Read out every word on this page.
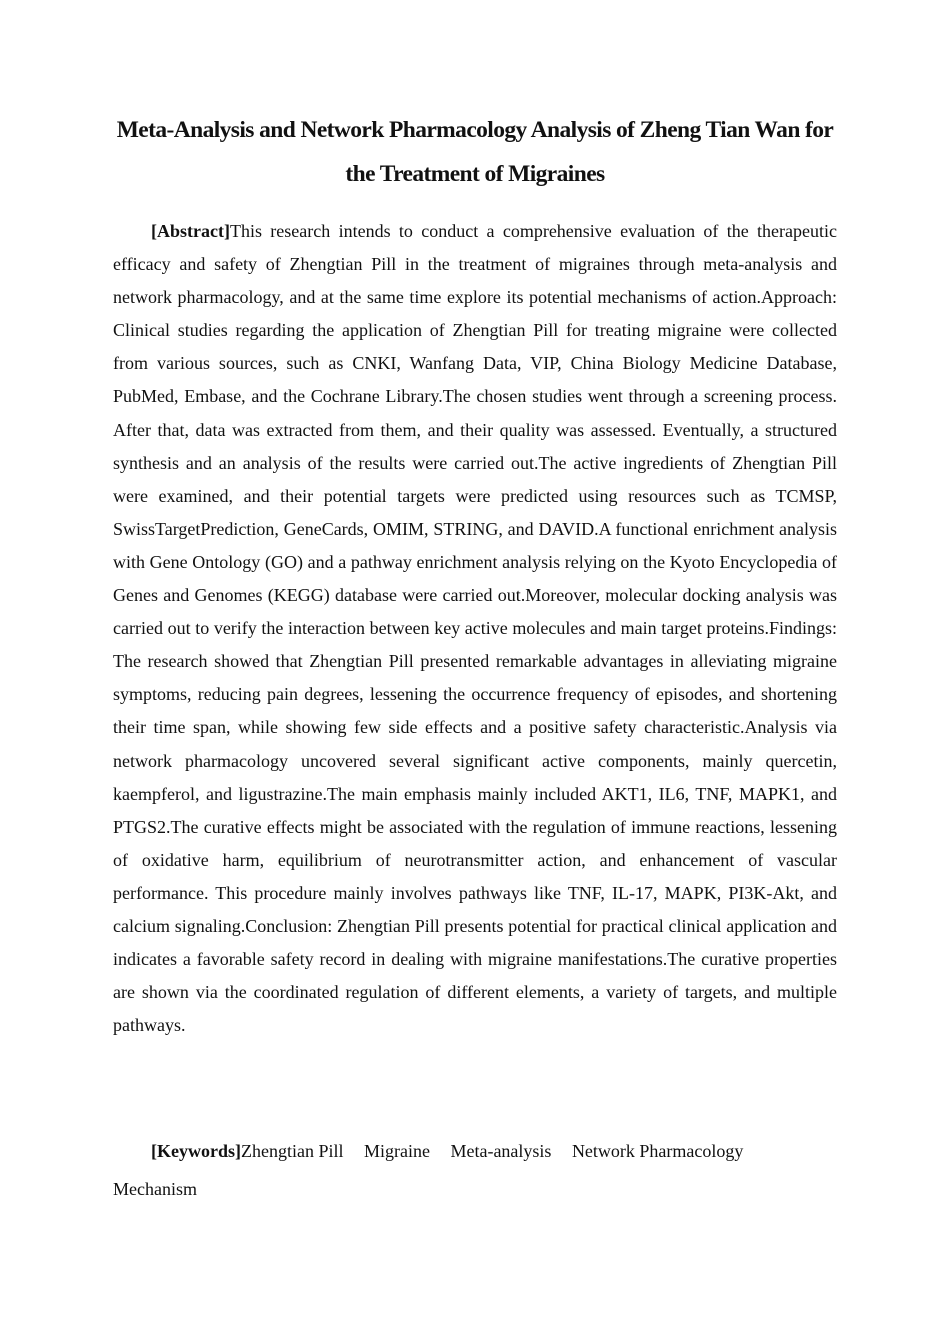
Meta-Analysis and Network Pharmacology Analysis of Zheng Tian Wan for the Treatment of Migraines

[Abstract]This research intends to conduct a comprehensive evaluation of the therapeutic efficacy and safety of Zhengtian Pill in the treatment of migraines through meta-analysis and network pharmacology, and at the same time explore its potential mechanisms of action.Approach: Clinical studies regarding the application of Zhengtian Pill for treating migraine were collected from various sources, such as CNKI, Wanfang Data, VIP, China Biology Medicine Database, PubMed, Embase, and the Cochrane Library.The chosen studies went through a screening process. After that, data was extracted from them, and their quality was assessed. Eventually, a structured synthesis and an analysis of the results were carried out.The active ingredients of Zhengtian Pill were examined, and their potential targets were predicted using resources such as TCMSP, SwissTargetPrediction, GeneCards, OMIM, STRING, and DAVID.A functional enrichment analysis with Gene Ontology (GO) and a pathway enrichment analysis relying on the Kyoto Encyclopedia of Genes and Genomes (KEGG) database were carried out.Moreover, molecular docking analysis was carried out to verify the interaction between key active molecules and main target proteins.Findings: The research showed that Zhengtian Pill presented remarkable advantages in alleviating migraine symptoms, reducing pain degrees, lessening the occurrence frequency of episodes, and shortening their time span, while showing few side effects and a positive safety characteristic.Analysis via network pharmacology uncovered several significant active components, mainly quercetin, kaempferol, and ligustrazine.The main emphasis mainly included AKT1, IL6, TNF, MAPK1, and PTGS2.The curative effects might be associated with the regulation of immune reactions, lessening of oxidative harm, equilibrium of neurotransmitter action, and enhancement of vascular performance. This procedure mainly involves pathways like TNF, IL-17, MAPK, PI3K-Akt, and calcium signaling.Conclusion: Zhengtian Pill presents potential for practical clinical application and indicates a favorable safety record in dealing with migraine manifestations.The curative properties are shown via the coordinated regulation of different elements, a variety of targets, and multiple pathways.

[Keywords]Zhengtian Pill Migraine Meta-analysis Network Pharmacology Mechanism
